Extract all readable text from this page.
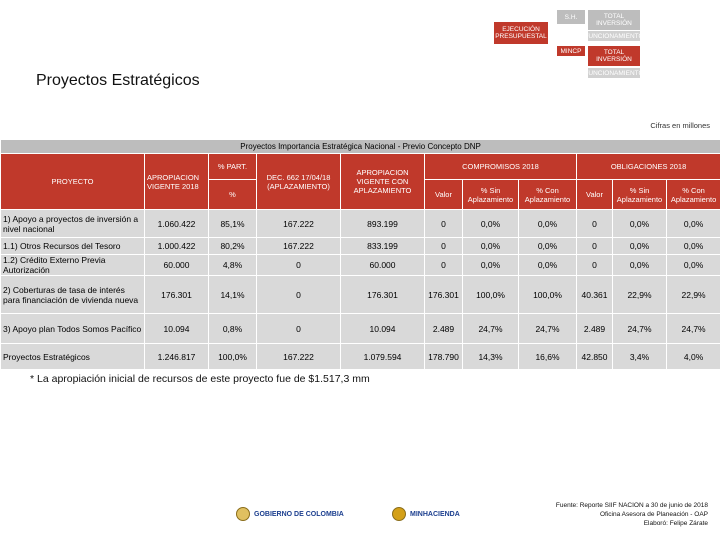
EJECUCIÓN PRESUPUESTAL
S.H.	TOTAL INVERSIÓN
FUNCIONAMIENTO
MINCP	TOTAL INVERSIÓN
FUNCIONAMIENTO
Proyectos Estratégicos
Cifras en millones
Proyectos Importancia Estratégica Nacional - Previo Concepto DNP										
PROYECTO	APROPIACION VIGENTE 2018	% PART.	DEC. 662 17/04/18 (APLAZAMIENTO)	APROPIACION VIGENTE CON APLAZAMIENTO	COMPROMISOS 2018			OBLIGACIONES 2018		
		%			Valor	% Sin Aplazamiento	% Con Aplazamiento	Valor	% Sin Aplazamiento	% Con Aplazamiento
1) Apoyo a proyectos de inversión a nivel nacional	1.060.422	85,1%	167.222	893.199	0	0,0%	0,0%	0	0,0%	0,0%
1.1) Otros Recursos del Tesoro	1.000.422	80,2%	167.222	833.199	0	0,0%	0,0%	0	0,0%	0,0%
1.2) Crédito Externo Previa Autorización	60.000	4,8%	0	60.000	0	0,0%	0,0%	0	0,0%	0,0%
2) Coberturas de tasa de interés para financiación de vivienda nueva	176.301	14,1%	0	176.301	176.301	100,0%	100,0%	40.361	22,9%	22,9%
3) Apoyo plan Todos Somos Pacífico	10.094	0,8%	0	10.094	2.489	24,7%	24,7%	2.489	24,7%	24,7%
Proyectos Estratégicos	1.246.817	100,0%	167.222	1.079.594	178.790	14,3%	16,6%	42.850	3,4%	4,0%
* La apropiación inicial de recursos de este proyecto fue de $1.517,3 mm
GOBIERNO DE COLOMBIA	MINHACIENDA
Fuente: Reporte SIIF NACION a 30 de junio de 2018
Oficina Asesora de Planeación - OAP
Elaboró: Felipe Zárate
